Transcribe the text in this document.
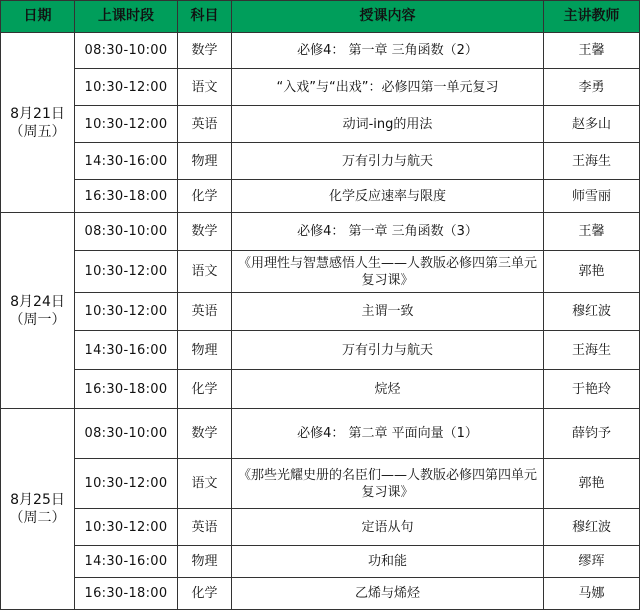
日期	上课时段	科目	授课内容	主讲教师

8月21日
（周五）	08:30-10:00	数学	必修4： 第一章 三角函数（2）	王馨
	10:30-12:00	语文	“入戏”与“出戏”：必修四第一单元复习	李勇
	10:30-12:00	英语	动词-ing的用法	赵多山
	14:30-16:00	物理	万有引力与航天	王海生
	16:30-18:00	化学	化学反应速率与限度	师雪丽

8月24日
（周一）	08:30-10:00	数学	必修4： 第一章 三角函数（3）	王馨
	10:30-12:00	语文	《用理性与智慧感悟人生——人教版必修四第三单元复习课》	郭艳
	10:30-12:00	英语	主谓一致	穆红波
	14:30-16:00	物理	万有引力与航天	王海生
	16:30-18:00	化学	烷烃	于艳玲

8月25日
（周二）	08:30-10:00	数学	必修4： 第二章 平面向量（1）	薛钧予
	10:30-12:00	语文	《那些光耀史册的名臣们——人教版必修四第四单元复习课》	郭艳
	10:30-12:00	英语	定语从句	穆红波
	14:30-16:00	物理	功和能	缪珲
	16:30-18:00	化学	乙烯与烯烃	马娜
